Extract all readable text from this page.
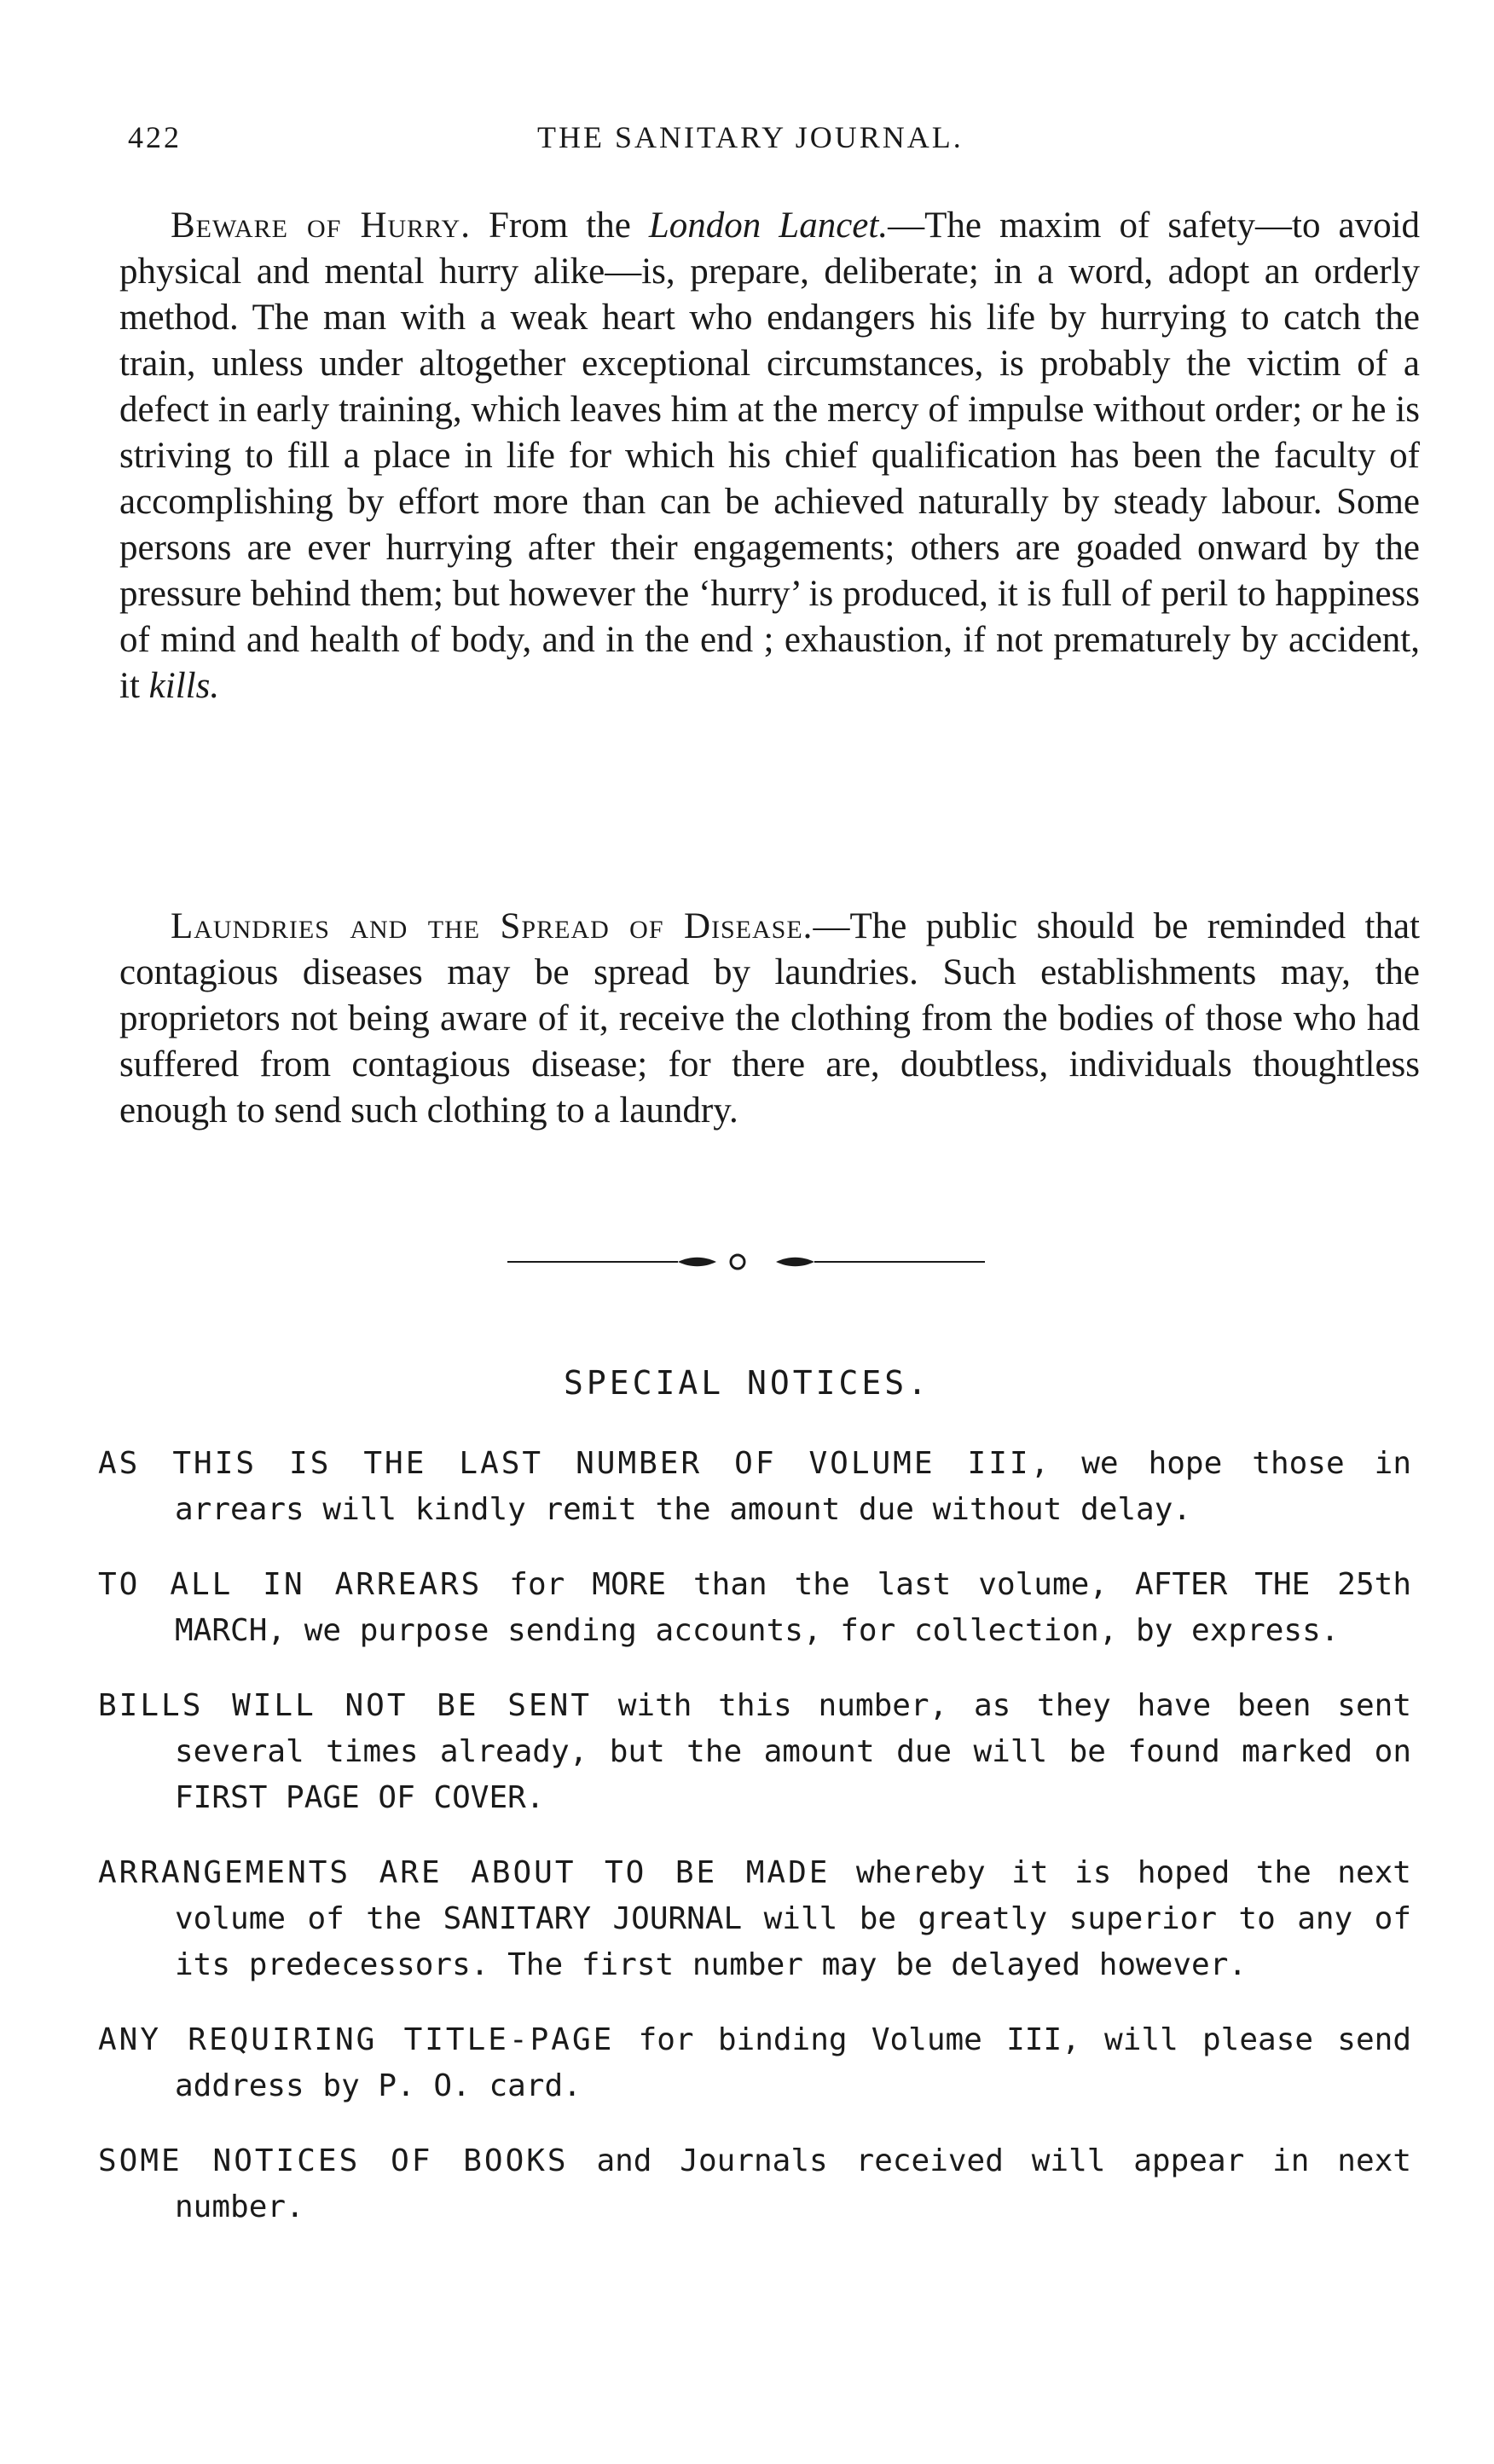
422	THE SANITARY JOURNAL.

Beware of Hurry. From the London Lancet.—The maxim of safety—to avoid physical and mental hurry alike—is, prepare, deliberate; in a word, adopt an orderly method. The man with a weak heart who endangers his life by hurrying to catch the train, unless under altogether exceptional circumstances, is probably the victim of a defect in early training, which leaves him at the mercy of impulse without order; or he is striving to fill a place in life for which his chief qualification has been the faculty of accomplishing by effort more than can be achieved naturally by steady labour. Some persons are ever hurrying after their engagements; others are goaded onward by the pressure behind them; but however the ‘hurry’ is produced, it is full of peril to happiness of mind and health of body, and in the end ; exhaustion, if not prematurely by accident, it kills.

Laundries and the Spread of Disease.—The public should be reminded that contagious diseases may be spread by laundries. Such establishments may, the proprietors not being aware of it, receive the clothing from the bodies of those who had suffered from contagious disease; for there are, doubtless, individuals thoughtless enough to send such clothing to a laundry.

SPECIAL NOTICES.

AS THIS IS THE LAST NUMBER OF VOLUME III, we hope those in arrears will kindly remit the amount due without delay.

TO ALL IN ARREARS for MORE than the last volume, AFTER THE 25th MARCH, we purpose sending accounts, for collection, by express.

BILLS WILL NOT BE SENT with this number, as they have been sent several times already, but the amount due will be found marked on FIRST PAGE OF COVER.

ARRANGEMENTS ARE ABOUT TO BE MADE whereby it is hoped the next volume of the SANITARY JOURNAL will be greatly superior to any of its predecessors. The first number may be delayed however.

ANY REQUIRING TITLE-PAGE for binding Volume III, will please send address by P. O. card.

SOME NOTICES OF BOOKS and Journals received will appear in next number.
